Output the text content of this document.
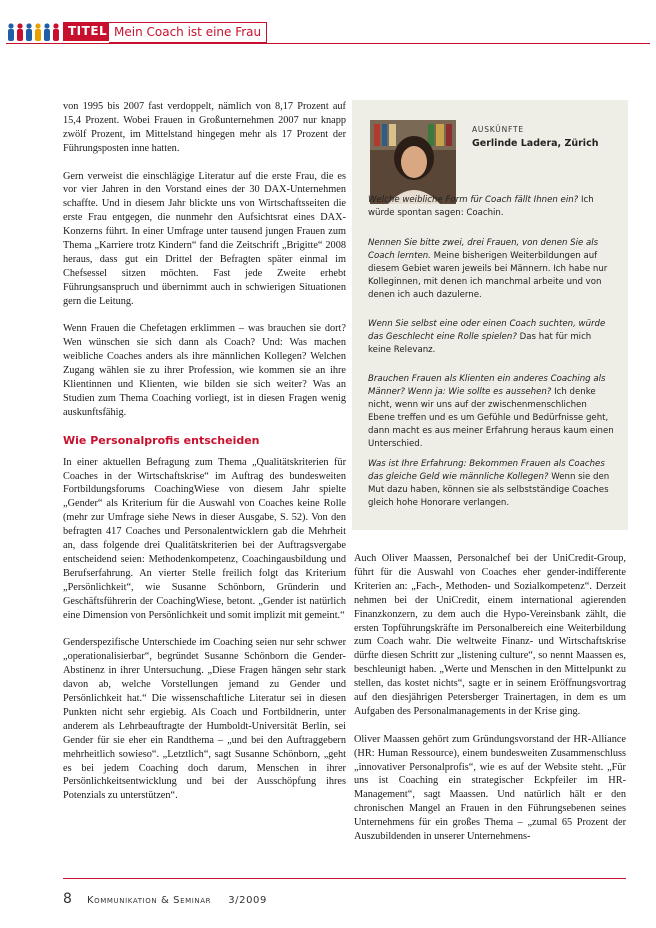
TITEL Mein Coach ist eine Frau

von 1995 bis 2007 fast verdoppelt, nämlich von 8,17 Prozent auf 15,4 Prozent. Wobei Frauen in Großunternehmen 2007 nur knapp zwölf Prozent, im Mittelstand hingegen mehr als 17 Prozent der Führungsposten inne hatten.

Gern verweist die einschlägige Literatur auf die erste Frau, die es vor vier Jahren in den Vorstand eines der 30 DAX-Unternehmen schaffte. Und in diesem Jahr blickte uns von Wirtschaftsseiten die erste Frau entgegen, die nunmehr den Aufsichtsrat eines DAX-Konzerns führt. In einer Umfrage unter tausend jungen Frauen zum Thema „Karriere trotz Kindern“ fand die Zeitschrift „Brigitte“ 2008 heraus, dass gut ein Drittel der Befragten später einmal im Chefsessel sitzen möchten. Fast jede Zweite erhebt Führungsanspruch und übernimmt auch in schwierigen Situationen gern die Leitung.

Wenn Frauen die Chefetagen erklimmen – was brauchen sie dort? Wen wünschen sie sich dann als Coach? Und: Was machen weibliche Coaches anders als ihre männlichen Kollegen? Welchen Zugang wählen sie zu ihrer Profession, wie kommen sie an ihre Klientinnen und Klienten, wie bilden sie sich weiter? Was an Studien zum Thema Coaching vorliegt, ist in diesen Fragen wenig auskunftsfähig.

Wie Personalprofis entscheiden

In einer aktuellen Befragung zum Thema „Qualitätskriterien für Coaches in der Wirtschaftskrise“ im Auftrag des bundesweiten Fortbildungsforums CoachingWiese von diesem Jahr spielte „Gender“ als Kriterium für die Auswahl von Coaches keine Rolle (mehr zur Umfrage siehe News in dieser Ausgabe, S. 52). Von den befragten 417 Coaches und Personalentwicklern gab die Mehrheit an, dass folgende drei Qualitätskriterien bei der Auftragsvergabe entscheidend seien: Methodenkompetenz, Coachingausbildung und Berufserfahrung. An vierter Stelle freilich folgt das Kriterium „Persönlichkeit“, wie Susanne Schönborn, Gründerin und Geschäftsführerin der CoachingWiese, betont. „Gender ist natürlich eine Dimension von Persönlichkeit und somit implizit mit gemeint.“

Genderspezifische Unterschiede im Coaching seien nur sehr schwer „operationalisierbar“, begründet Susanne Schönborn die Gender-Abstinenz in ihrer Untersuchung. „Diese Fragen hängen sehr stark davon ab, welche Vorstellungen jemand zu Gender und Persönlichkeit hat.“ Die wissenschaftliche Literatur sei in diesen Punkten nicht sehr ergiebig. Als Coach und Fortbildnerin, unter anderem als Lehrbeauftragte der Humboldt-Universität Berlin, sei Gender für sie eher ein Randthema – „und bei den Auftraggebern mehrheitlich sowieso“. „Letztlich“, sagt Susanne Schönborn, „geht es bei jedem Coaching doch darum, Menschen in ihrer Persönlichkeitsentwicklung und bei der Ausschöpfung ihres Potenzials zu unterstützen“.

AUSKÜNFTE
Gerlinde Ladera, Zürich
Welche weibliche Form für Coach fällt Ihnen ein? Ich würde spontan sagen: Coachin.
Nennen Sie bitte zwei, drei Frauen, von denen Sie als Coach lernten. Meine bisherigen Weiterbildungen auf diesem Gebiet waren jeweils bei Männern. Ich habe nur Kolleginnen, mit denen ich manchmal arbeite und von denen ich auch dazulerne.
Wenn Sie selbst eine oder einen Coach suchten, würde das Geschlecht eine Rolle spielen? Das hat für mich keine Relevanz.
Brauchen Frauen als Klienten ein anderes Coaching als Männer? Wenn ja: Wie sollte es aussehen? Ich denke nicht, wenn wir uns auf der zwischenmenschlichen Ebene treffen und es um Gefühle und Bedürfnisse geht, dann macht es aus meiner Erfahrung heraus kaum einen Unterschied.
Was ist Ihre Erfahrung: Bekommen Frauen als Coaches das gleiche Geld wie männliche Kollegen? Wenn sie den Mut dazu haben, können sie als selbstständige Coaches gleich hohe Honorare verlangen.

Auch Oliver Maassen, Personalchef bei der UniCredit-Group, führt für die Auswahl von Coaches eher gender-indifferente Kriterien an: „Fach-, Methoden- und Sozialkompetenz“. Derzeit nehmen bei der UniCredit, einem international agierenden Finanzkonzern, zu dem auch die Hypo-Vereinsbank zählt, die ersten Topführungskräfte im Personalbereich eine Weiterbildung zum Coach wahr. Die weltweite Finanz- und Wirtschaftskrise dürfte diesen Schritt zur „listening culture“, so nennt Maassen es, beschleunigt haben. „Werte und Menschen in den Mittelpunkt zu stellen, das kostet nichts“, sagte er in seinem Eröffnungsvortrag auf den diesjährigen Petersberger Trainertagen, in dem es um Aufgaben des Personalmanagements in der Krise ging.

Oliver Maassen gehört zum Gründungsvorstand der HR-Alliance (HR: Human Ressource), einem bundesweiten Zusammenschluss „innovativer Personalprofis“, wie es auf der Website steht. „Für uns ist Coaching ein strategischer Eckpfeiler im HR-Management“, sagt Maassen. Und natürlich hält er den chronischen Mangel an Frauen in den Führungsebenen seines Unternehmens für ein großes Thema – „zumal 65 Prozent der Auszubildenden in unserer Unternehmens-

8 Kommunikation & Seminar 3/2009
